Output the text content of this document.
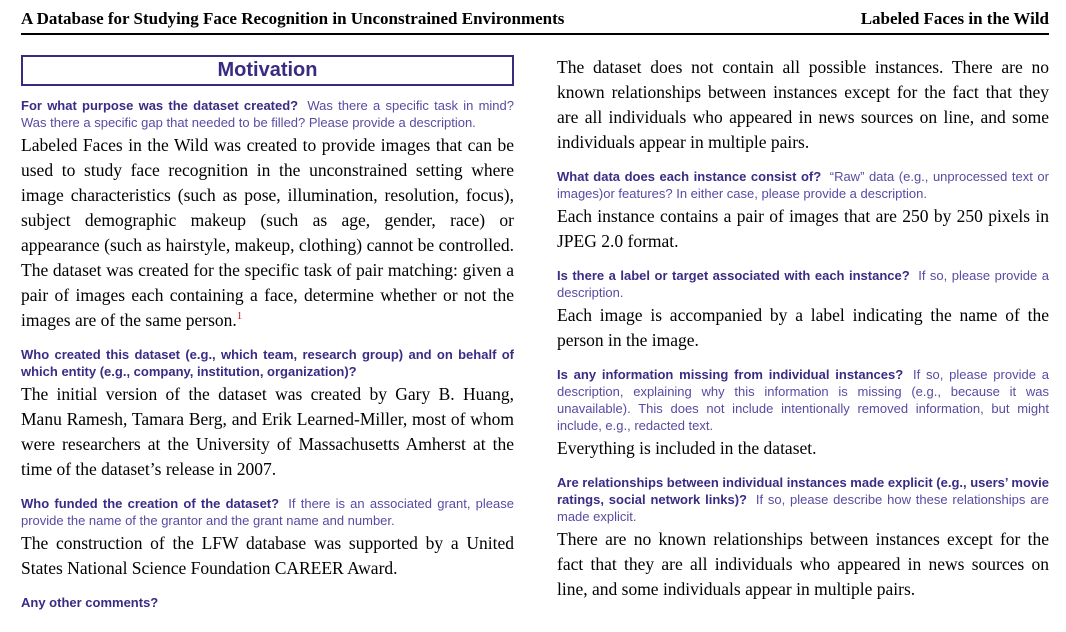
A Database for Studying Face Recognition in Unconstrained Environments	Labeled Faces in the Wild
Motivation

For what purpose was the dataset created? Was there a specific task in mind? Was there a specific gap that needed to be filled? Please provide a description.

Labeled Faces in the Wild was created to provide images that can be used to study face recognition in the unconstrained setting where image characteristics (such as pose, illumination, resolution, focus), subject demographic makeup (such as age, gender, race) or appearance (such as hairstyle, makeup, clothing) cannot be controlled. The dataset was created for the specific task of pair matching: given a pair of images each containing a face, determine whether or not the images are of the same person.$^1$

Who created this dataset (e.g., which team, research group) and on behalf of which entity (e.g., company, institution, organization)?

The initial version of the dataset was created by Gary B. Huang, Manu Ramesh, Tamara Berg, and Erik Learned-Miller, most of whom were researchers at the University of Massachusetts Amherst at the time of the dataset’s release in 2007.

Who funded the creation of the dataset? If there is an associated grant, please provide the name of the grantor and the grant name and number.

The construction of the LFW database was supported by a United States National Science Foundation CAREER Award.

Any other comments?

The dataset does not contain all possible instances. There are no known relationships between instances except for the fact that they are all individuals who appeared in news sources on line, and some individuals appear in multiple pairs.

What data does each instance consist of? “Raw” data (e.g., unprocessed text or images)or features? In either case, please provide a description.

Each instance contains a pair of images that are 250 by 250 pixels in JPEG 2.0 format.

Is there a label or target associated with each instance? If so, please provide a description.

Each image is accompanied by a label indicating the name of the person in the image.

Is any information missing from individual instances? If so, please provide a description, explaining why this information is missing (e.g., because it was unavailable). This does not include intentionally removed information, but might include, e.g., redacted text.

Everything is included in the dataset.

Are relationships between individual instances made explicit (e.g., users’ movie ratings, social network links)? If so, please describe how these relationships are made explicit.

There are no known relationships between instances except for the fact that they are all individuals who appeared in news sources on line, and some individuals appear in multiple pairs.
